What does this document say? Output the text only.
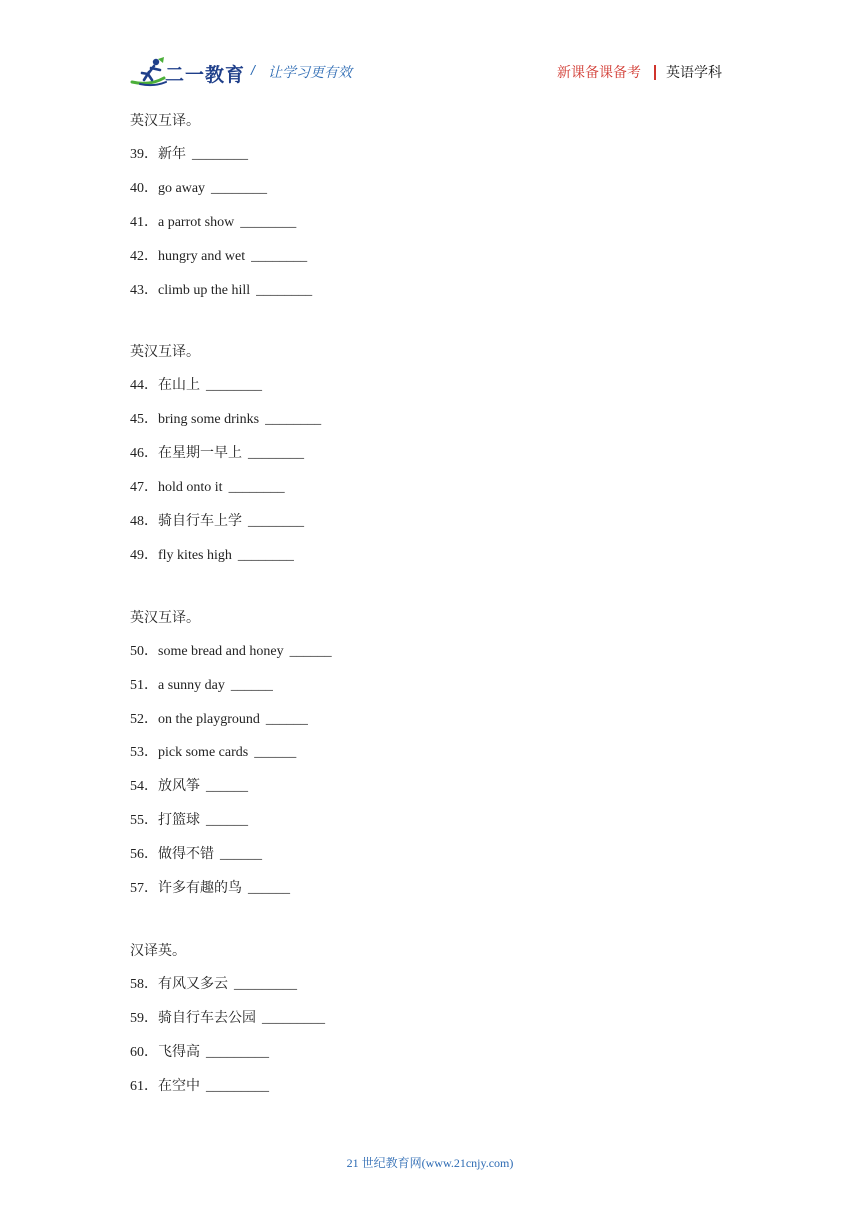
二一教育 / 让学习更有效	新课备课备考 英语学科
英汉互译。
39．新年 ________
40．go away ________
41．a parrot show ________
42．hungry and wet ________
43．climb up the hill ________
英汉互译。
44．在山上 ________
45．bring some drinks ________
46．在星期一早上 ________
47．hold onto it ________
48．骑自行车上学 ________
49．fly kites high ________
英汉互译。
50．some bread and honey ______
51．a sunny day ______
52．on the playground ______
53．pick some cards ______
54．放风筝 ______
55．打篮球 ______
56．做得不错 ______
57．许多有趣的鸟 ______
汉译英。
58．有风又多云 _________
59．骑自行车去公园 _________
60．飞得高 _________
61．在空中 _________
21 世纪教育网(www.21cnjy.com)
